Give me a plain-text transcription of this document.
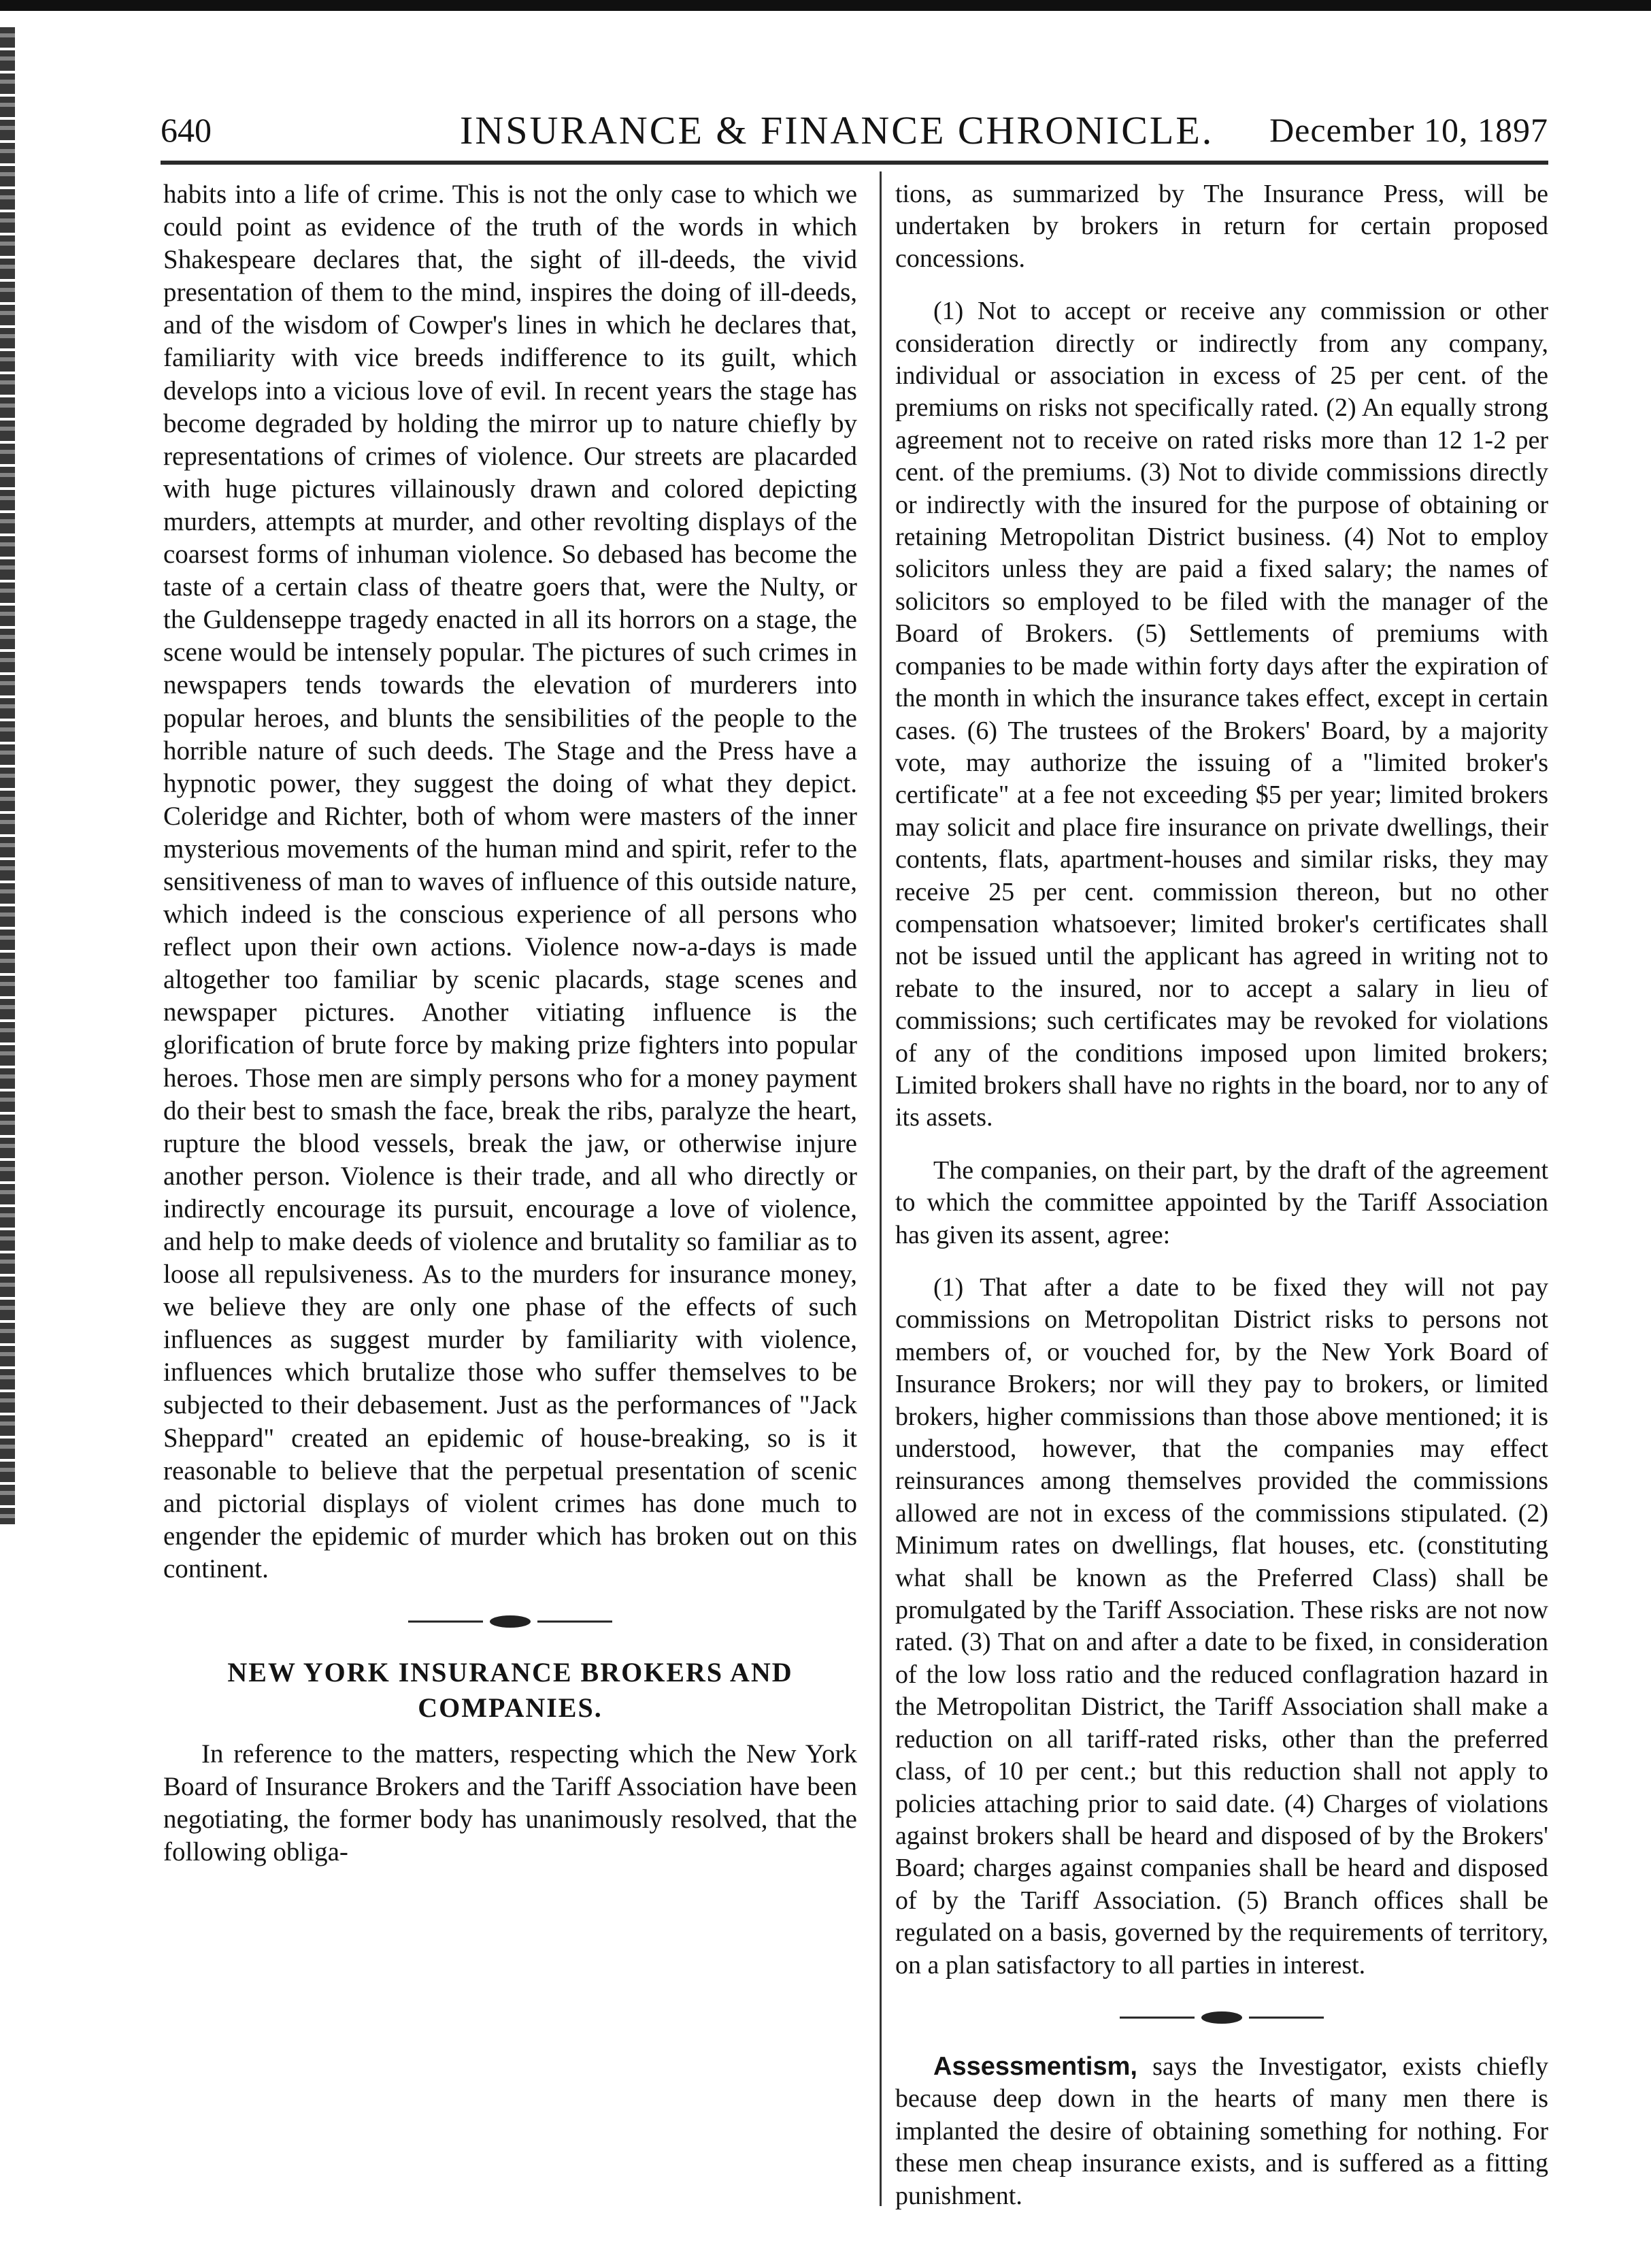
640	INSURANCE & FINANCE CHRONICLE. December 10, 1897

habits into a life of crime. This is not the only case to which we could point as evidence of the truth of the words in which Shakespeare declares that, the sight of ill-deeds, the vivid presentation of them to the mind, inspires the doing of ill-deeds, and of the wisdom of Cowper's lines in which he declares that, familiarity with vice breeds indifference to its guilt, which develops into a vicious love of evil. In recent years the stage has become degraded by holding the mirror up to nature chiefly by representations of crimes of violence. Our streets are placarded with huge pictures villainously drawn and colored depicting murders, attempts at murder, and other revolting displays of the coarsest forms of inhuman violence. So debased has become the taste of a certain class of theatre goers that, were the Nulty, or the Guldenseppe tragedy enacted in all its horrors on a stage, the scene would be intensely popular. The pictures of such crimes in newspapers tends towards the elevation of murderers into popular heroes, and blunts the sensibilities of the people to the horrible nature of such deeds. The Stage and the Press have a hypnotic power, they suggest the doing of what they depict. Coleridge and Richter, both of whom were masters of the inner mysterious movements of the human mind and spirit, refer to the sensitiveness of man to waves of influence of this outside nature, which indeed is the conscious experience of all persons who reflect upon their own actions. Violence now-a-days is made altogether too familiar by scenic placards, stage scenes and newspaper pictures. Another vitiating influence is the glorification of brute force by making prize fighters into popular heroes. Those men are simply persons who for a money payment do their best to smash the face, break the ribs, paralyze the heart, rupture the blood vessels, break the jaw, or otherwise injure another person. Violence is their trade, and all who directly or indirectly encourage its pursuit, encourage a love of violence, and help to make deeds of violence and brutality so familiar as to loose all repulsiveness. As to the murders for insurance money, we believe they are only one phase of the effects of such influences as suggest murder by familiarity with violence, influences which brutalize those who suffer themselves to be subjected to their debasement. Just as the performances of "Jack Sheppard" created an epidemic of house-breaking, so is it reasonable to believe that the perpetual presentation of scenic and pictorial displays of violent crimes has done much to engender the epidemic of murder which has broken out on this continent.

NEW YORK INSURANCE BROKERS AND COMPANIES.

In reference to the matters, respecting which the New York Board of Insurance Brokers and the Tariff Association have been negotiating, the former body has unanimously resolved, that the following obliga-

tions, as summarized by The Insurance Press, will be undertaken by brokers in return for certain proposed concessions.

(1) Not to accept or receive any commission or other consideration directly or indirectly from any company, individual or association in excess of 25 per cent. of the premiums on risks not specifically rated. (2) An equally strong agreement not to receive on rated risks more than 12 1-2 per cent. of the premiums. (3) Not to divide commissions directly or indirectly with the insured for the purpose of obtaining or retaining Metropolitan District business. (4) Not to employ solicitors unless they are paid a fixed salary; the names of solicitors so employed to be filed with the manager of the Board of Brokers. (5) Settlements of premiums with companies to be made within forty days after the expiration of the month in which the insurance takes effect, except in certain cases. (6) The trustees of the Brokers' Board, by a majority vote, may authorize the issuing of a "limited broker's certificate" at a fee not exceeding $5 per year; limited brokers may solicit and place fire insurance on private dwellings, their contents, flats, apartment-houses and similar risks, they may receive 25 per cent. commission thereon, but no other compensation whatsoever; limited broker's certificates shall not be issued until the applicant has agreed in writing not to rebate to the insured, nor to accept a salary in lieu of commissions; such certificates may be revoked for violations of any of the conditions imposed upon limited brokers; Limited brokers shall have no rights in the board, nor to any of its assets.

The companies, on their part, by the draft of the agreement to which the committee appointed by the Tariff Association has given its assent, agree:

(1) That after a date to be fixed they will not pay commissions on Metropolitan District risks to persons not members of, or vouched for, by the New York Board of Insurance Brokers; nor will they pay to brokers, or limited brokers, higher commissions than those above mentioned; it is understood, however, that the companies may effect reinsurances among themselves provided the commissions allowed are not in excess of the commissions stipulated. (2) Minimum rates on dwellings, flat houses, etc. (constituting what shall be known as the Preferred Class) shall be promulgated by the Tariff Association. These risks are not now rated. (3) That on and after a date to be fixed, in consideration of the low loss ratio and the reduced conflagration hazard in the Metropolitan District, the Tariff Association shall make a reduction on all tariff-rated risks, other than the preferred class, of 10 per cent.; but this reduction shall not apply to policies attaching prior to said date. (4) Charges of violations against brokers shall be heard and disposed of by the Brokers' Board; charges against companies shall be heard and disposed of by the Tariff Association. (5) Branch offices shall be regulated on a basis, governed by the requirements of territory, on a plan satisfactory to all parties in interest.

Assessmentism, says the Investigator, exists chiefly because deep down in the hearts of many men there is implanted the desire of obtaining something for nothing. For these men cheap insurance exists, and is suffered as a fitting punishment.
